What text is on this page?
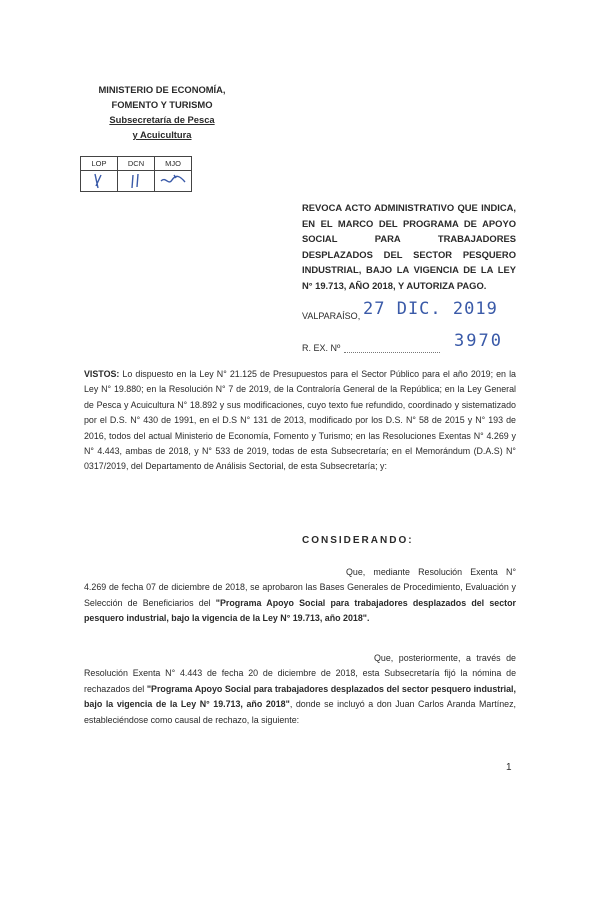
MINISTERIO DE ECONOMÍA,
FOMENTO Y TURISMO
Subsecretaría de Pesca
y Acuicultura
LOP	DCN	MJO

REVOCA ACTO ADMINISTRATIVO QUE INDICA, EN EL MARCO DEL PROGRAMA DE APOYO SOCIAL PARA TRABAJADORES DESPLAZADOS DEL SECTOR PESQUERO INDUSTRIAL, BAJO LA VIGENCIA DE LA LEY N° 19.713, AÑO 2018, Y AUTORIZA PAGO.
VALPARAÍSO, 27 DIC. 2019
R. EX. Nº	3970
VISTOS: Lo dispuesto en la Ley N° 21.125 de Presupuestos para el Sector Público para el año 2019; en la Ley N° 19.880; en la Resolución N° 7 de 2019, de la Contraloría General de la República; en la Ley General de Pesca y Acuicultura N° 18.892 y sus modificaciones, cuyo texto fue refundido, coordinado y sistematizado por el D.S. N° 430 de 1991, en el D.S N° 131 de 2013, modificado por los D.S. N° 58 de 2015 y N° 193 de 2016, todos del actual Ministerio de Economía, Fomento y Turismo; en las Resoluciones Exentas N° 4.269 y N° 4.443, ambas de 2018, y N° 533 de 2019, todas de esta Subsecretaría; en el Memorándum (D.A.S) N° 0317/2019, del Departamento de Análisis Sectorial, de esta Subsecretaría; y:
CONSIDERANDO:
Que, mediante Resolución Exenta N° 4.269 de fecha 07 de diciembre de 2018, se aprobaron las Bases Generales de Procedimiento, Evaluación y Selección de Beneficiarios del "Programa Apoyo Social para trabajadores desplazados del sector pesquero industrial, bajo la vigencia de la Ley N° 19.713, año 2018".
Que, posteriormente, a través de Resolución Exenta N° 4.443 de fecha 20 de diciembre de 2018, esta Subsecretaría fijó la nómina de rechazados del "Programa Apoyo Social para trabajadores desplazados del sector pesquero industrial, bajo la vigencia de la Ley N° 19.713, año 2018", donde se incluyó a don Juan Carlos Aranda Martínez, estableciéndose como causal de rechazo, la siguiente:
1
